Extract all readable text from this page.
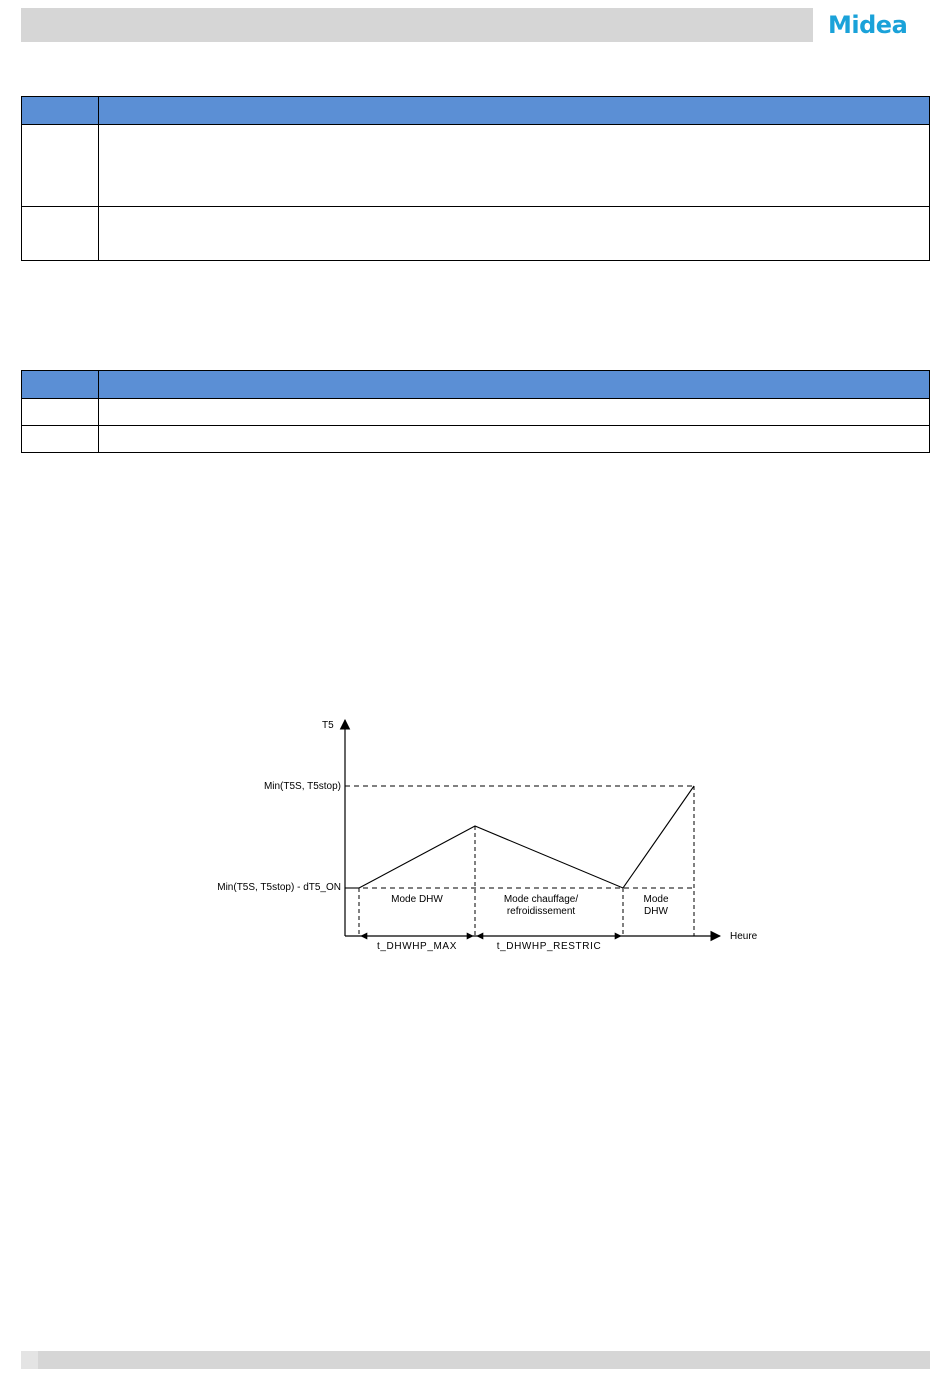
Midea

T5
Heure
Min(T5S, T5stop)
Min(T5S, T5stop) - dT5_ON
Mode DHW	Mode chauffage/
refroidissement
Mode
DHW
t_DHWHP_MAX	t_DHWHP_RESTRIC
